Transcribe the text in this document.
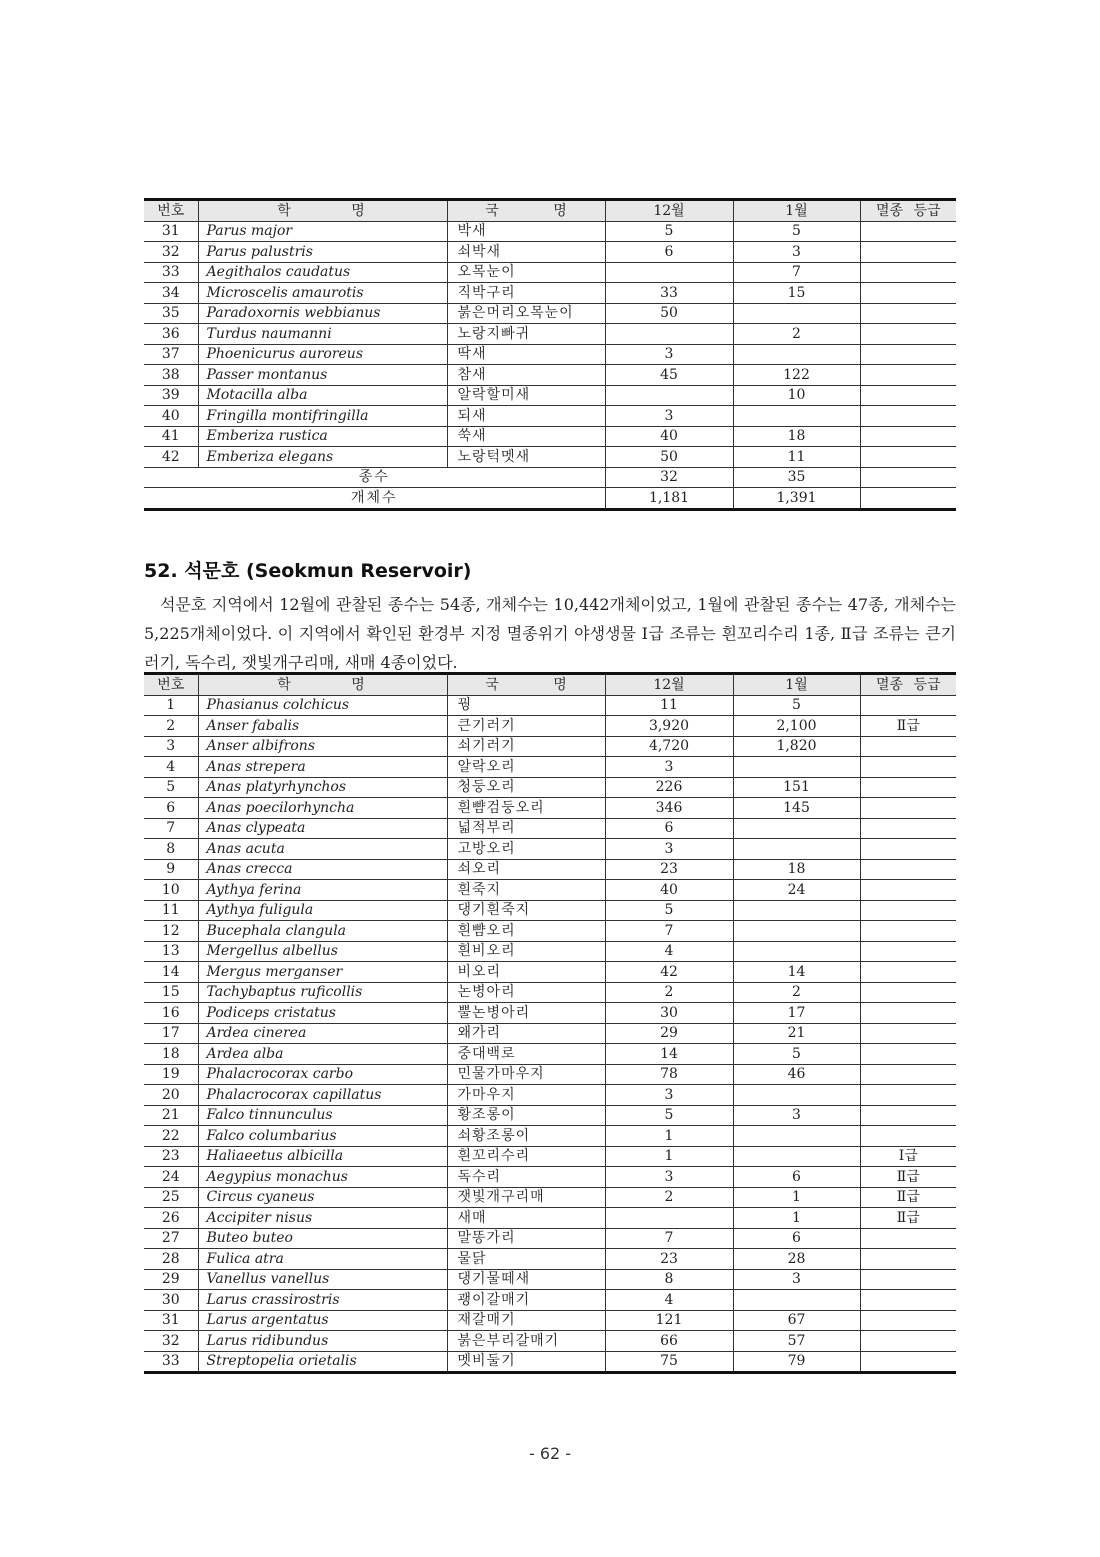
번호	학 명	국 명	12월	1월	멸종 등급
31	Parus major	박새	5	5	
32	Parus palustris	쇠박새	6	3	
33	Aegithalos caudatus	오목눈이		7	
34	Microscelis amaurotis	직박구리	33	15	
35	Paradoxornis webbianus	붉은머리오목눈이	50		
36	Turdus naumanni	노랑지빠귀		2	
37	Phoenicurus auroreus	딱새	3		
38	Passer montanus	참새	45	122	
39	Motacilla alba	알락할미새		10	
40	Fringilla montifringilla	되새	3		
41	Emberiza rustica	쑥새	40	18	
42	Emberiza elegans	노랑턱멧새	50	11	
종수			32	35	
개체수			1,181	1,391	
52. 석문호 (Seokmun Reservoir)

석문호 지역에서 12월에 관찰된 종수는 54종, 개체수는 10,442개체이었고, 1월에 관찰된 종수는 47종, 개체수는 5,225개체이었다. 이 지역에서 확인된 환경부 지정 멸종위기 야생생물 Ⅰ급 조류는 흰꼬리수리 1종, Ⅱ급 조류는 큰기러기, 독수리, 잿빛개구리매, 새매 4종이었다.

번호	학 명	국 명	12월	1월	멸종 등급
1	Phasianus colchicus	꿩	11	5	
2	Anser fabalis	큰기러기	3,920	2,100	Ⅱ급
3	Anser albifrons	쇠기러기	4,720	1,820	
4	Anas strepera	알락오리	3		
5	Anas platyrhynchos	청둥오리	226	151	
6	Anas poecilorhyncha	흰뺨검둥오리	346	145	
7	Anas clypeata	넓적부리	6		
8	Anas acuta	고방오리	3		
9	Anas crecca	쇠오리	23	18	
10	Aythya ferina	흰죽지	40	24	
11	Aythya fuligula	댕기흰죽지	5		
12	Bucephala clangula	흰뺨오리	7		
13	Mergellus albellus	흰비오리	4		
14	Mergus merganser	비오리	42	14	
15	Tachybaptus ruficollis	논병아리	2	2	
16	Podiceps cristatus	뿔논병아리	30	17	
17	Ardea cinerea	왜가리	29	21	
18	Ardea alba	중대백로	14	5	
19	Phalacrocorax carbo	민물가마우지	78	46	
20	Phalacrocorax capillatus	가마우지	3		
21	Falco tinnunculus	황조롱이	5	3	
22	Falco columbarius	쇠황조롱이	1		
23	Haliaeetus albicilla	흰꼬리수리	1		Ⅰ급
24	Aegypius monachus	독수리	3	6	Ⅱ급
25	Circus cyaneus	잿빛개구리매	2	1	Ⅱ급
26	Accipiter nisus	새매		1	Ⅱ급
27	Buteo buteo	말똥가리	7	6	
28	Fulica atra	물닭	23	28	
29	Vanellus vanellus	댕기물떼새	8	3	
30	Larus crassirostris	괭이갈매기	4		
31	Larus argentatus	재갈매기	121	67	
32	Larus ridibundus	붉은부리갈매기	66	57	
33	Streptopelia orietalis	멧비둘기	75	79	
- 62 -
